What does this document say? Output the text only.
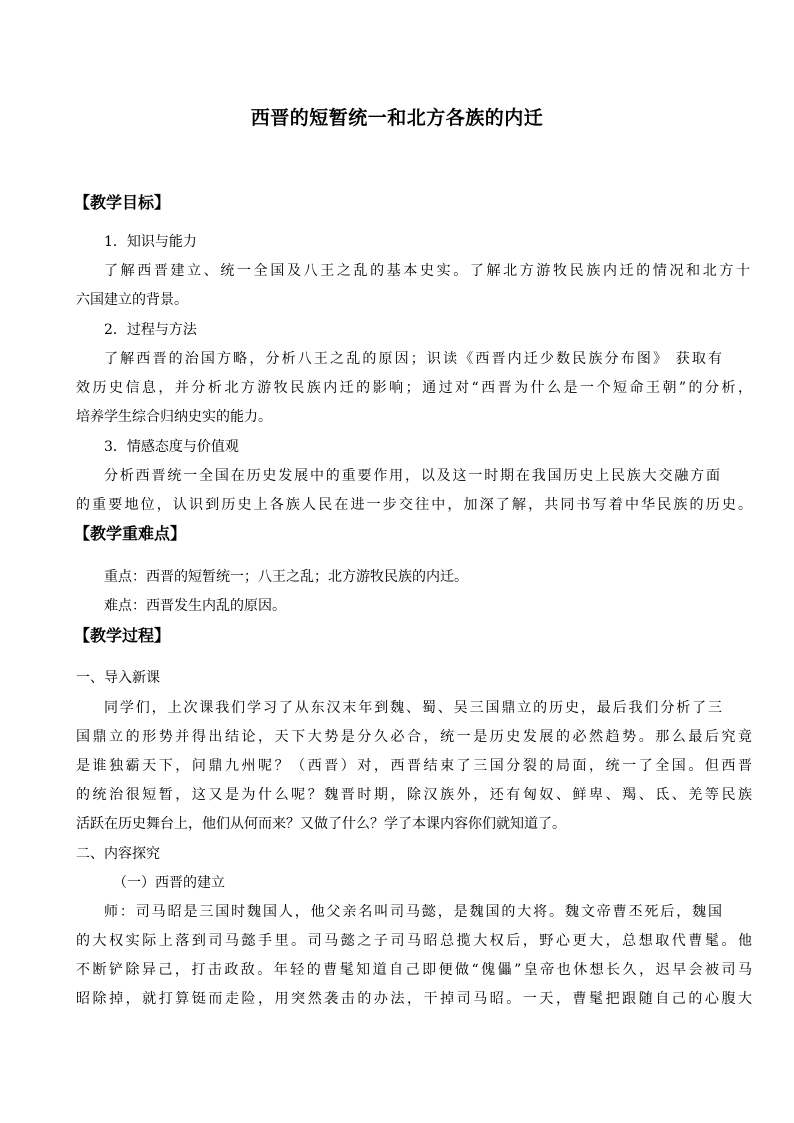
西晋的短暂统一和北方各族的内迁
【教学目标】
1．知识与能力
了解西晋建立、统一全国及八王之乱的基本史实。了解北方游牧民族内迁的情况和北方十
六国建立的背景。
2．过程与方法
了解西晋的治国方略，分析八王之乱的原因；识读《西晋内迁少数民族分布图》 获取有
效历史信息，并分析北方游牧民族内迁的影响；通过对“西晋为什么是一个短命王朝”的分析，
培养学生综合归纳史实的能力。
3．情感态度与价值观
分析西晋统一全国在历史发展中的重要作用，以及这一时期在我国历史上民族大交融方面
的重要地位，认识到历史上各族人民在进一步交往中，加深了解，共同书写着中华民族的历史。
【教学重难点】
重点：西晋的短暂统一；八王之乱；北方游牧民族的内迁。
难点：西晋发生内乱的原因。
【教学过程】
一、导入新课
同学们，上次课我们学习了从东汉末年到魏、蜀、吴三国鼎立的历史，最后我们分析了三
国鼎立的形势并得出结论，天下大势是分久必合，统一是历史发展的必然趋势。那么最后究竟
是谁独霸天下，问鼎九州呢？（西晋）对，西晋结束了三国分裂的局面，统一了全国。但西晋
的统治很短暂，这又是为什么呢？魏晋时期，除汉族外，还有匈奴、鲜卑、羯、氐、羌等民族
活跃在历史舞台上，他们从何而来？又做了什么？学了本课内容你们就知道了。
二、内容探究
（一）西晋的建立
师：司马昭是三国时魏国人，他父亲名叫司马懿，是魏国的大将。魏文帝曹丕死后，魏国
的大权实际上落到司马懿手里。司马懿之子司马昭总揽大权后，野心更大，总想取代曹髦。他
不断铲除异己，打击政敌。年轻的曹髦知道自己即便做“傀儡”皇帝也休想长久，迟早会被司马
昭除掉，就打算铤而走险，用突然袭击的办法，干掉司马昭。一天，曹髦把跟随自己的心腹大
